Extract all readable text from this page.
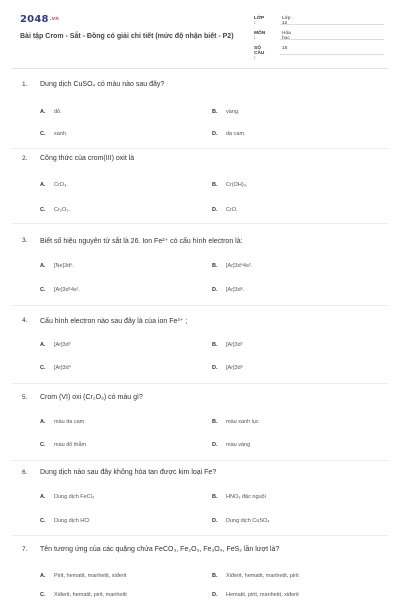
$2048^{.vn}$
Bài tập Crom - Sắt - Đồng có giải chi tiết (mức độ nhận biết - P2)
LỚP :
Lớp 12
MÔN :
Hóa học
SỐ CÂU :
15
1. Dung dịch CuSO₄ có màu nào sau đây?
A. đỏ.	B. vàng.
C. xanh.	D. da cam.
2. Công thức của crom(III) oxit là
A. CrO₃.	B. Cr(OH)₃.
C. Cr₂O₃.	D. CrO.
3. Biết số hiệu nguyên tử sắt là 26. Ion Fe²⁺ có cấu hình electron là:
A. [Ne]3d⁶.	B. [Ar]3d⁴4s².
C. [Ar]3d⁵4s¹.	D. [Ar]3d⁶.
4. Cấu hình electron nào sau đây là của ion Fe³⁺ ;
A. [Ar]3d³	B. [Ar]3d⁵
C. [Ar]3d⁴	D. [Ar]3d⁶
5. Crom (VI) oxi (Cr₂O₃) có màu gì?
A. màu da cam	B. màu xanh lục
C. màu đỏ thẫm	D. màu vàng
6. Dung dịch nào sau đây không hòa tan được kim loại Fe?
A. Dung dịch FeCl₃	B. HNO₃ đặc nguội
C. Dung dịch HCl	D. Dung dịch CuSO₄
7. Tên tương ứng của các quặng chứa FeCO₃, Fe₂O₃, Fe₃O₄, FeS₂ lần lượt là?
A. Pirit, hematit, manhetit, xiđerit	B. Xiđerit, hematit, manhetit, pirit
C. Xiđerit, hematit, pirit, manhetit	D. Hematit, pirit, manhetit, xiđerit
